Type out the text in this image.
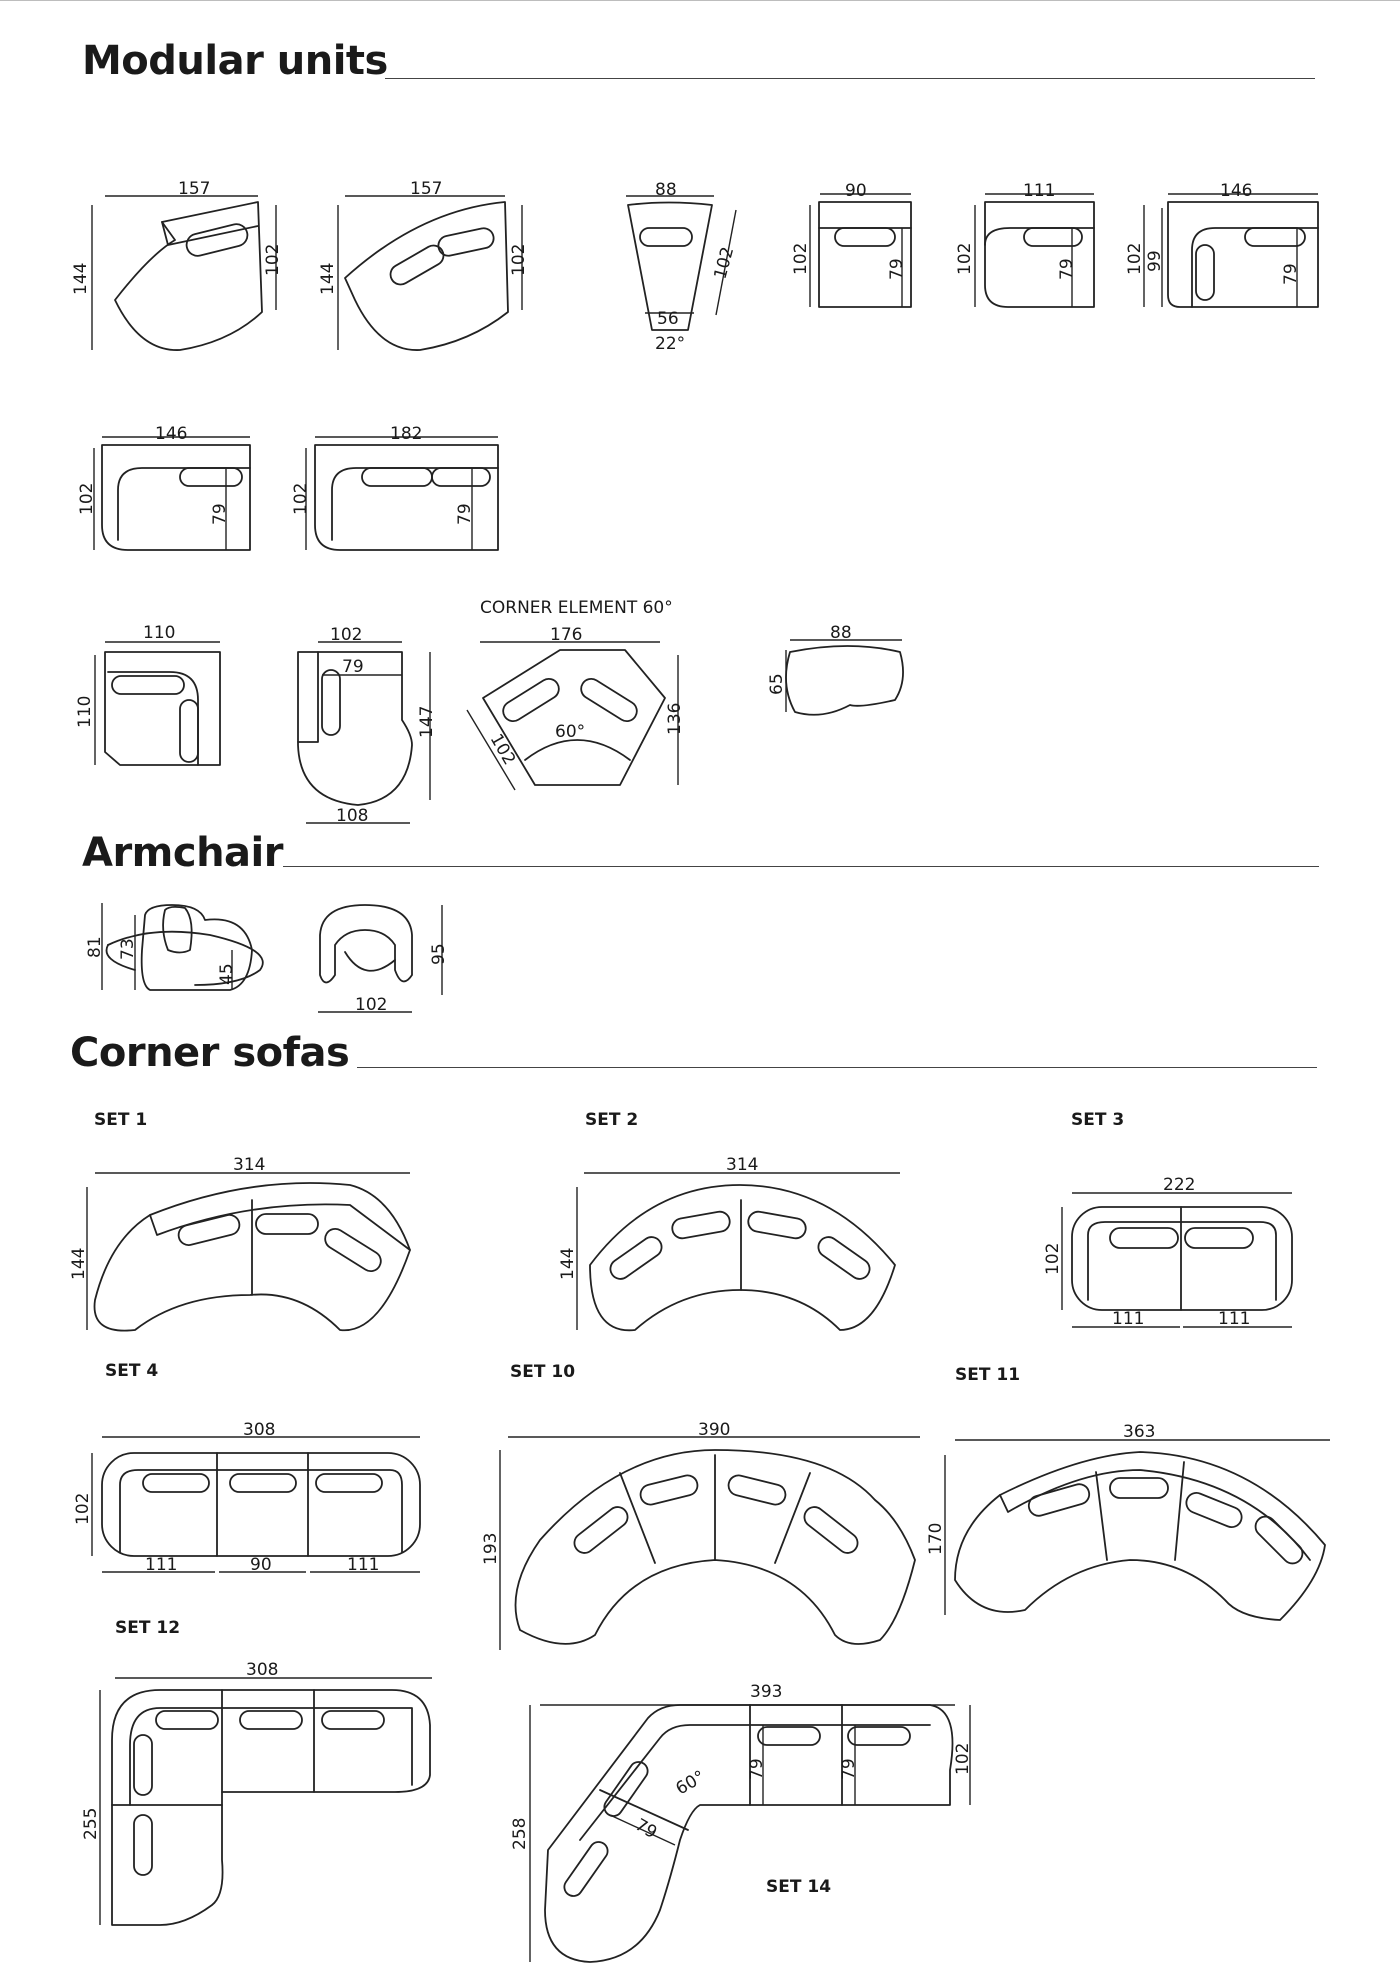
Modular units
Armchair
Corner sofas
CORNER ELEMENT 60°
SET 1	SET 2	SET 3
SET 4	SET 10	SET 11
SET 12
SET 14
157
144
102
157
144
102
88
102
56
22°
90
102	79
111
102	79
146
102 99
79
146
102	79
182
102	79
110
110
102
79
147
108
176
60°	136
102
88
65
81 73
45
102
95
314
144
314
144
222
102
111	111
308
102
111	90	111
390
193
363
170
308
255
393
258
102
79	79
79
60°
